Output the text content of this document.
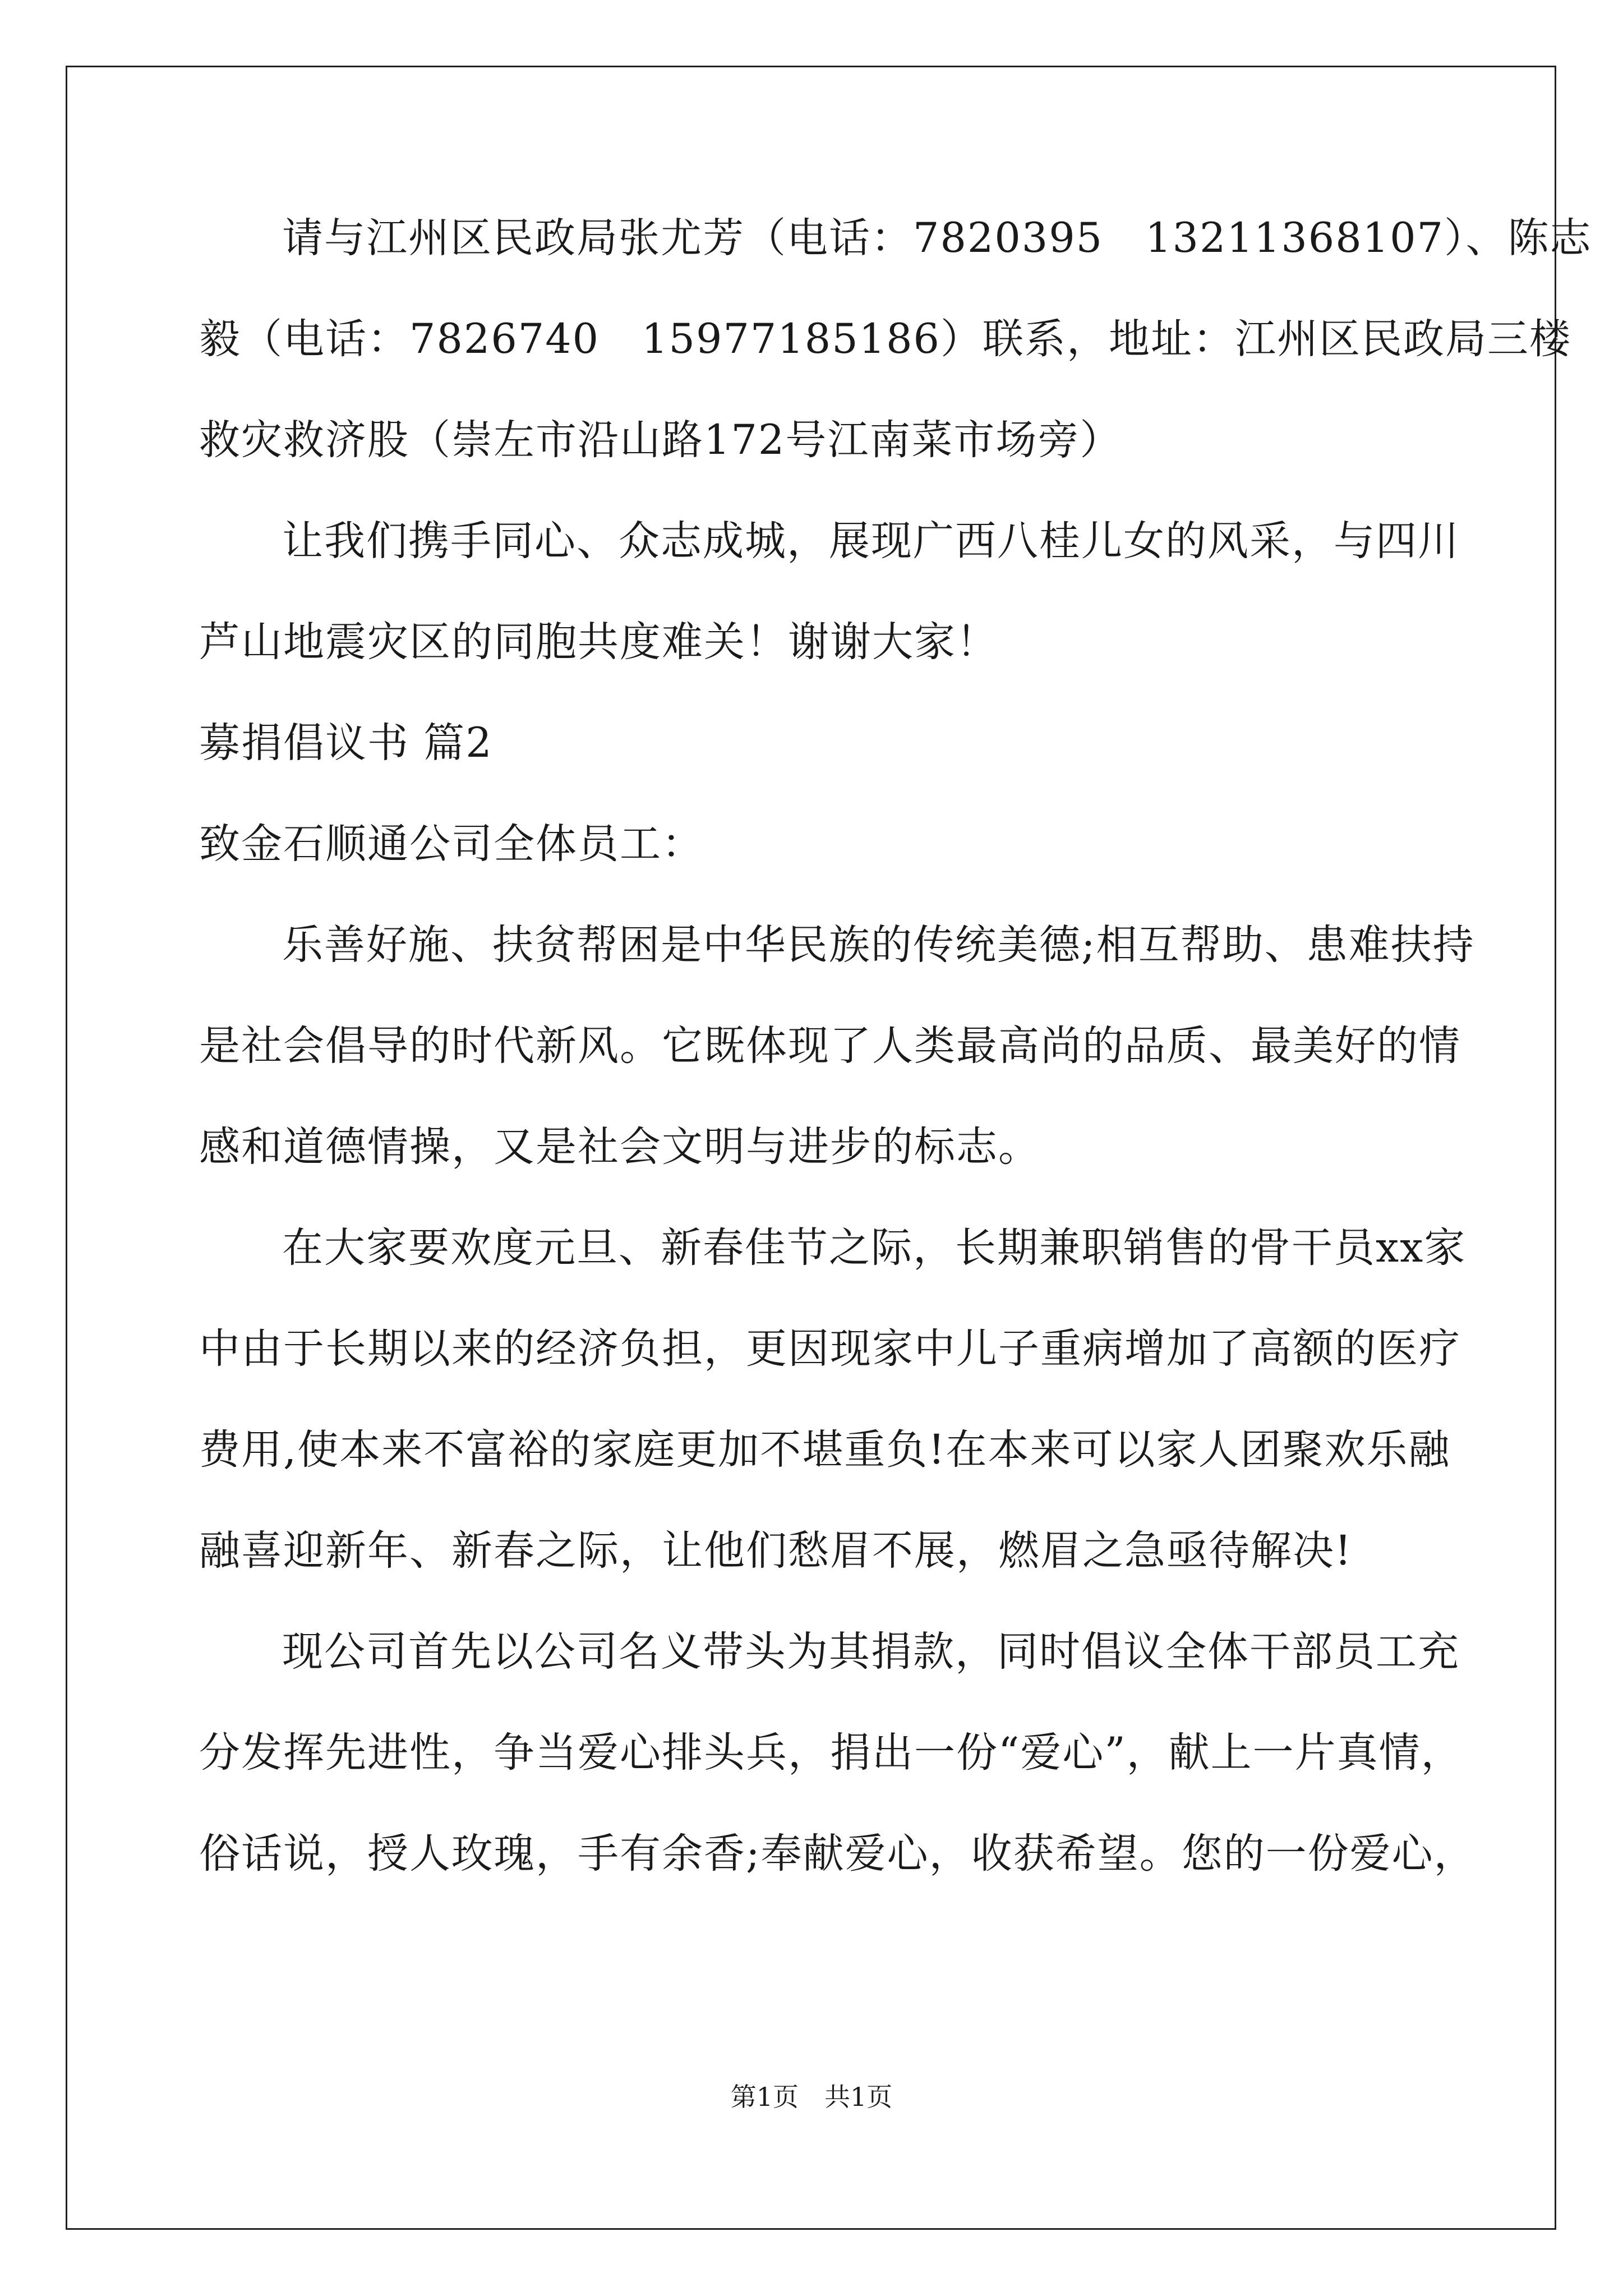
请与江州区民政局张尤芳（电话：7820395　13211368107）、陈志
毅（电话：7826740　15977185186）联系，地址：江州区民政局三楼
救灾救济股（崇左市沿山路172号江南菜市场旁）
让我们携手同心、众志成城，展现广西八桂儿女的风采，与四川
芦山地震灾区的同胞共度难关！谢谢大家！
募捐倡议书 篇2
致金石顺通公司全体员工：
乐善好施、扶贫帮困是中华民族的传统美德;相互帮助、患难扶持
是社会倡导的时代新风。它既体现了人类最高尚的品质、最美好的情
感和道德情操，又是社会文明与进步的标志。
在大家要欢度元旦、新春佳节之际，长期兼职销售的骨干员xx家
中由于长期以来的经济负担，更因现家中儿子重病增加了高额的医疗
费用,使本来不富裕的家庭更加不堪重负!在本来可以家人团聚欢乐融
融喜迎新年、新春之际，让他们愁眉不展，燃眉之急亟待解决!
现公司首先以公司名义带头为其捐款，同时倡议全体干部员工充
分发挥先进性，争当爱心排头兵，捐出一份“爱心”，献上一片真情，
俗话说，授人玫瑰，手有余香;奉献爱心，收获希望。您的一份爱心，
第1页　共1页
